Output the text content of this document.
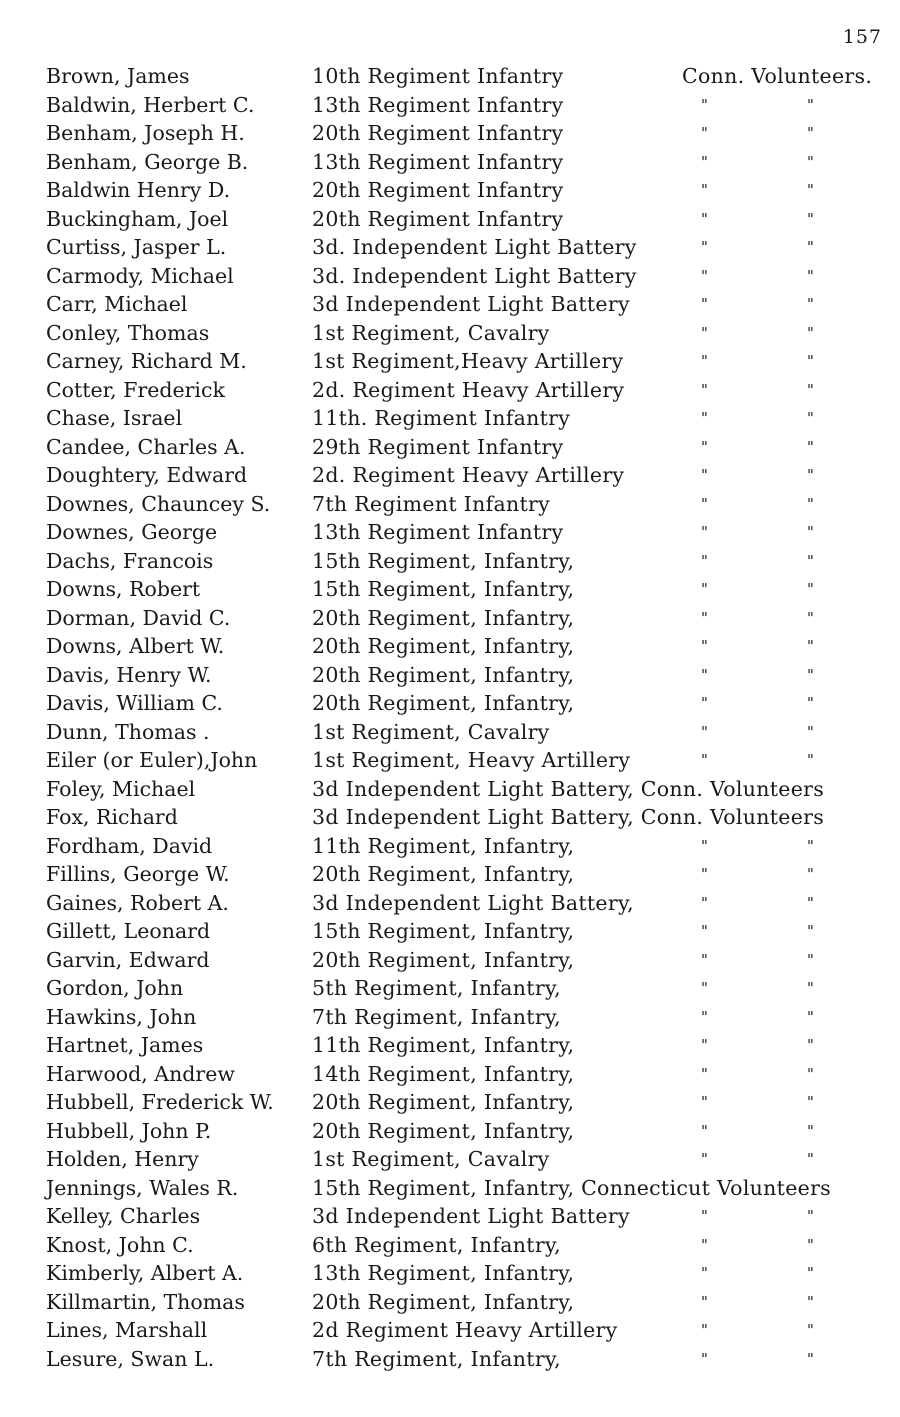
157
Brown, James	10th Regiment Infantry	Conn. Volunteers.
Baldwin, Herbert C.	13th Regiment Infantry	"	"
Benham, Joseph H.	20th Regiment Infantry	"	"
Benham, George B.	13th Regiment Infantry	"	"
Baldwin Henry D.	20th Regiment Infantry	"	"
Buckingham, Joel	20th Regiment Infantry	"	"
Curtiss, Jasper L.	3d. Independent Light Battery	"	"
Carmody, Michael	3d. Independent Light Battery	"	"
Carr, Michael	3d Independent Light Battery	"	"
Conley, Thomas	1st Regiment, Cavalry	"	"
Carney, Richard M.	1st Regiment,Heavy Artillery	"	"
Cotter, Frederick	2d. Regiment Heavy Artillery	"	"
Chase, Israel	11th. Regiment Infantry	"	"
Candee, Charles A.	29th Regiment Infantry	"	"
Doughtery, Edward	2d. Regiment Heavy Artillery	"	"
Downes, Chauncey S. 7th Regiment Infantry	"	"
Downes, George	13th Regiment Infantry	"	"
Dachs, Francois	15th Regiment, Infantry,	"	"
Downs, Robert	15th Regiment, Infantry,	"	"
Dorman, David C.	20th Regiment, Infantry,	"	"
Downs, Albert W.	20th Regiment, Infantry,	"	"
Davis, Henry W.	20th Regiment, Infantry,	"	"
Davis, William C.	20th Regiment, Infantry,	"	"
Dunn, Thomas .	1st Regiment, Cavalry	"	"
Eiler (or Euler),John	1st Regiment, Heavy Artillery	"	"
Foley, Michael	3d Independent Light Battery, Conn. Volunteers
Fox, Richard	3d Independent Light Battery, Conn. Volunteers
Fordham, David	11th Regiment, Infantry,	"	"
Fillins, George W.	20th Regiment, Infantry,	"	"
Gaines, Robert A.	3d Independent Light Battery,	"	"
Gillett, Leonard	15th Regiment, Infantry,	"	"
Garvin, Edward	20th Regiment, Infantry,	"	"
Gordon, John	5th Regiment, Infantry,	"	"
Hawkins, John	7th Regiment, Infantry,	"	"
Hartnet, James	11th Regiment, Infantry,	"	"
Harwood, Andrew	14th Regiment, Infantry,	"	"
Hubbell, Frederick W. 20th Regiment, Infantry,	"	"
Hubbell, John P.	20th Regiment, Infantry,	"	"
Holden, Henry	1st Regiment, Cavalry	"	"
Jennings, Wales R.	15th Regiment, Infantry, Connecticut Volunteers
Kelley, Charles	3d Independent Light Battery	"	"
Knost, John C.	6th Regiment, Infantry,	"	"
Kimberly, Albert A.	13th Regiment, Infantry,	"	"
Killmartin, Thomas	20th Regiment, Infantry,	"	"
Lines, Marshall	2d Regiment Heavy Artillery	"	"
Lesure, Swan L.	7th Regiment, Infantry,	"	"
